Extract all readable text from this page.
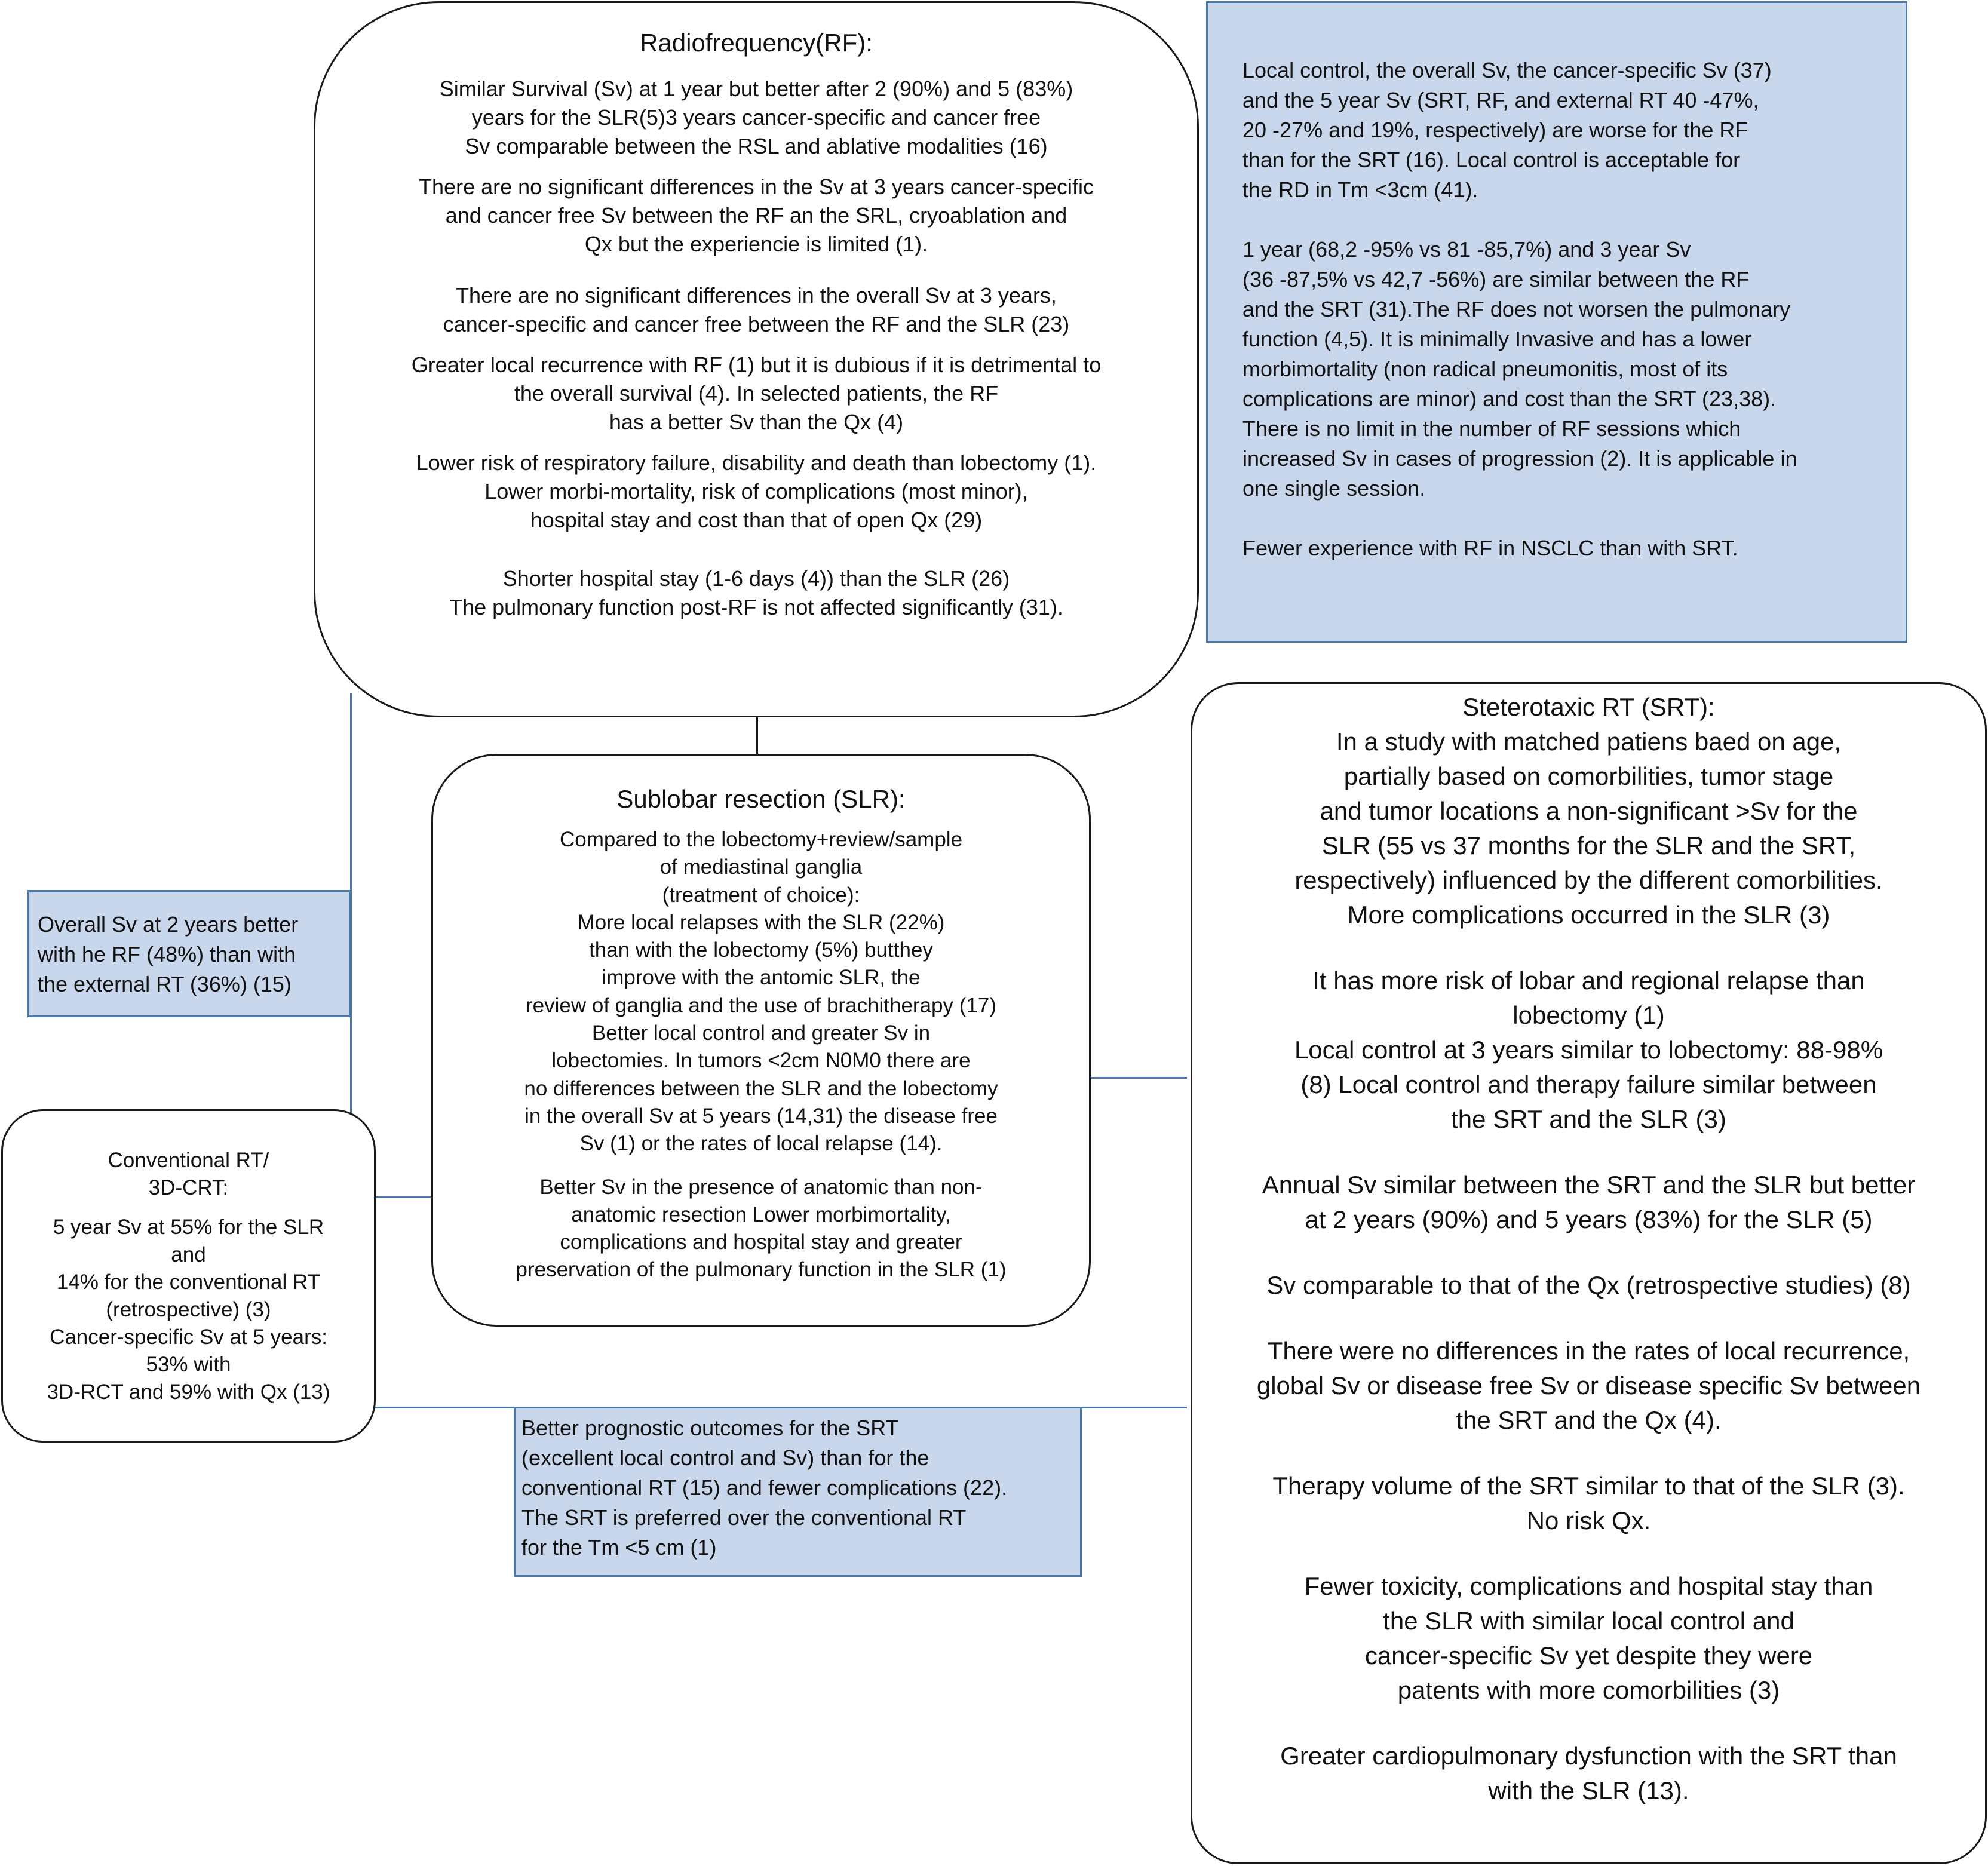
Radiofrequency(RF):
Similar Survival (Sv) at 1 year but better after 2 (90%) and 5 (83%)
years for the SLR(5)3 years cancer-specific and cancer free
Sv comparable between the RSL and ablative modalities (16)
There are no significant differences in the Sv at 3 years cancer-specific
and cancer free Sv between the RF an the SRL, cryoablation and
Qx but the experiencie is limited (1).
There are no significant differences in the overall Sv at 3 years,
cancer-specific and cancer free between the RF and the SLR (23)
Greater local recurrence with RF (1) but it is dubious if it is detrimental to
the overall survival (4). In selected patients, the RF
has a better Sv than the Qx (4)
Lower risk of respiratory failure, disability and death than lobectomy (1).
Lower morbi-mortality, risk of complications (most minor),
hospital stay and cost than that of open Qx (29)
Shorter hospital stay (1-6 days (4)) than the SLR (26)
The pulmonary function post-RF is not affected significantly (31).
Local control, the overall Sv, the cancer-specific Sv (37)
and the 5 year Sv (SRT, RF, and external RT 40 -47%,
20 -27% and 19%, respectively) are worse for the RF
than for the SRT (16). Local control is acceptable for
the RD in Tm <3cm (41).
1 year (68,2 -95% vs 81 -85,7%) and 3 year Sv
(36 -87,5% vs 42,7 -56%) are similar between the RF
and the SRT (31).The RF does not worsen the pulmonary
function (4,5). It is minimally Invasive and has a lower
morbimortality (non radical pneumonitis, most of its
complications are minor) and cost than the SRT (23,38).
There is no limit in the number of RF sessions which
increased Sv in cases of progression (2). It is applicable in
one single session.
Fewer experience with RF in NSCLC than with SRT.
Sublobar resection (SLR):
Compared to the lobectomy+review/sample
of mediastinal ganglia
(treatment of choice):
More local relapses with the SLR (22%)
than with the lobectomy (5%) butthey
improve with the antomic SLR, the
review of ganglia and the use of brachitherapy (17)
Better local control and greater Sv in
lobectomies. In tumors <2cm N0M0 there are
no differences between the SLR and the lobectomy
in the overall Sv at 5 years (14,31) the disease free
Sv (1) or the rates of local relapse (14).
Better Sv in the presence of anatomic than non-
anatomic resection Lower morbimortality,
complications and hospital stay and greater
preservation of the pulmonary function in the SLR (1)
Steterotaxic RT (SRT):
In a study with matched patiens baed on age,
partially based on comorbilities, tumor stage
and tumor locations a non-significant >Sv for the
SLR (55 vs 37 months for the SLR and the SRT,
respectively) influenced by the different comorbilities.
More complications occurred in the SLR (3)
It has more risk of lobar and regional relapse than
lobectomy (1)
Local control at 3 years similar to lobectomy: 88-98%
(8) Local control and therapy failure similar between
the SRT and the SLR (3)
Annual Sv similar between the SRT and the SLR but better
at 2 years (90%) and 5 years (83%) for the SLR (5)
Sv comparable to that of the Qx (retrospective studies) (8)
There were no differences in the rates of local recurrence,
global Sv or disease free Sv or disease specific Sv between
the SRT and the Qx (4).
Therapy volume of the SRT similar to that of the SLR (3).
No risk Qx.
Fewer toxicity, complications and hospital stay than
the SLR with similar local control and
cancer-specific Sv yet despite they were
patents with more comorbilities (3)
Greater cardiopulmonary dysfunction with the SRT than
with the SLR (13).
Overall Sv at 2 years better
with he RF (48%) than with
the external RT (36%) (15)
Conventional RT/
3D-CRT:
5 year Sv at 55% for the SLR
and
14% for the conventional RT
(retrospective) (3)
Cancer-specific Sv at 5 years:
53% with
3D-RCT and 59% with Qx (13)
Better prognostic outcomes for the SRT
(excellent local control and Sv) than for the
conventional RT (15) and fewer complications (22).
The SRT is preferred over the conventional RT
for the Tm <5 cm (1)
